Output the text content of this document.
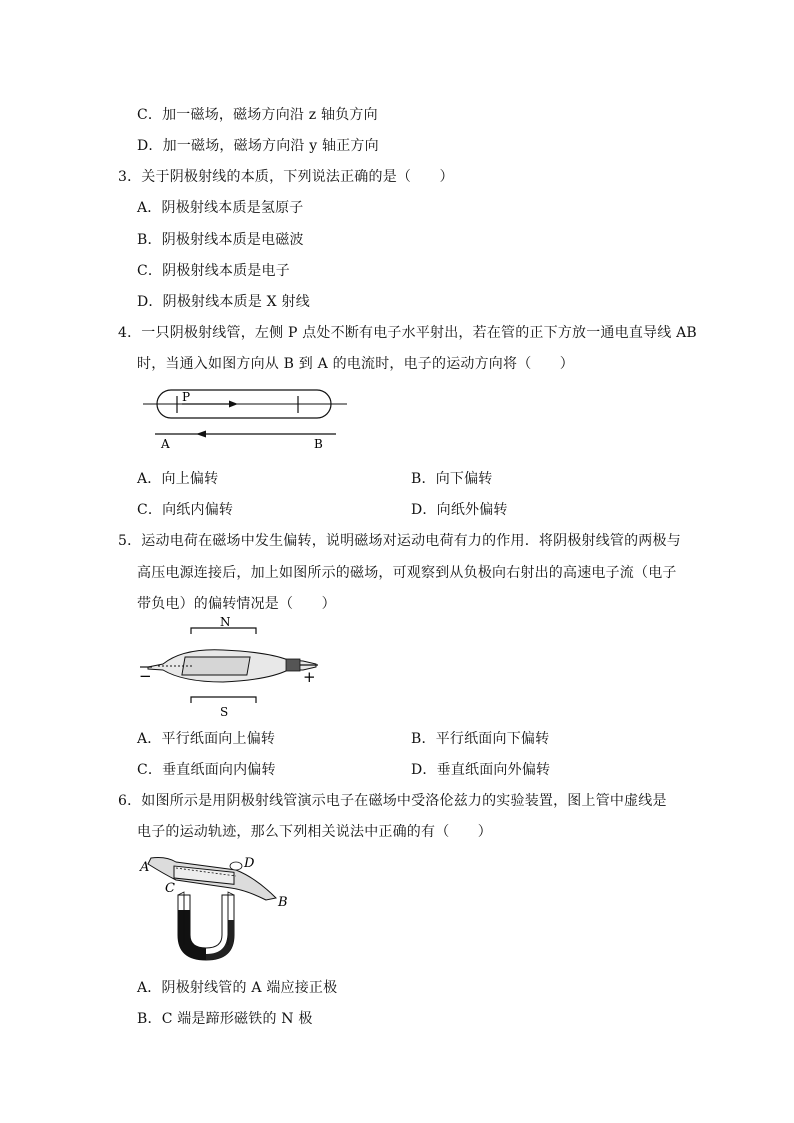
C．加一磁场，磁场方向沿 z 轴负方向
D．加一磁场，磁场方向沿 y 轴正方向
3．关于阴极射线的本质，下列说法正确的是（　　）
A．阴极射线本质是氢原子
B．阴极射线本质是电磁波
C．阴极射线本质是电子
D．阴极射线本质是 X 射线
4．一只阴极射线管，左侧 P 点处不断有电子水平射出，若在管的正下方放一通电直导线 AB
时，当通入如图方向从 B 到 A 的电流时，电子的运动方向将（　　）
P
A	B
A．向上偏转	B．向下偏转
C．向纸内偏转	D．向纸外偏转
5．运动电荷在磁场中发生偏转，说明磁场对运动电荷有力的作用．将阴极射线管的两极与
高压电源连接后，加上如图所示的磁场，可观察到从负极向右射出的高速电子流（电子
带负电）的偏转情况是（　　）
N
−	+
S
A．平行纸面向上偏转	B．平行纸面向下偏转
C．垂直纸面向内偏转	D．垂直纸面向外偏转
6．如图所示是用阴极射线管演示电子在磁场中受洛伦兹力的实验装置，图上管中虚线是
电子的运动轨迹，那么下列相关说法中正确的有（　　）
A	D
C
B
A．阴极射线管的 A 端应接正极
B．C 端是蹄形磁铁的 N 极
